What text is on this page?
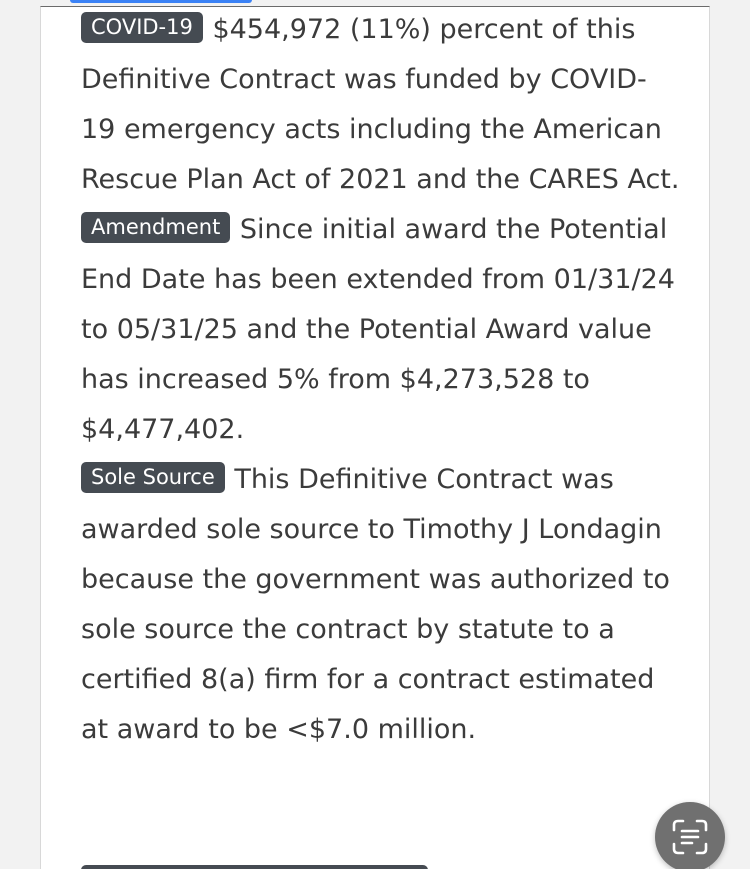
COVID-19 $454,972 (11%) percent of this Definitive Contract was funded by COVID-19 emergency acts including the American Rescue Plan Act of 2021 and the CARES Act.

Amendment Since initial award the Potential End Date has been extended from 01/31/24 to 05/31/25 and the Potential Award value has increased 5% from $4,273,528 to $4,477,402.

Sole Source This Definitive Contract was awarded sole source to Timothy J Londagin because the government was authorized to sole source the contract by statute to a certified 8(a) firm for a contract estimated at award to be <$7.0 million.
